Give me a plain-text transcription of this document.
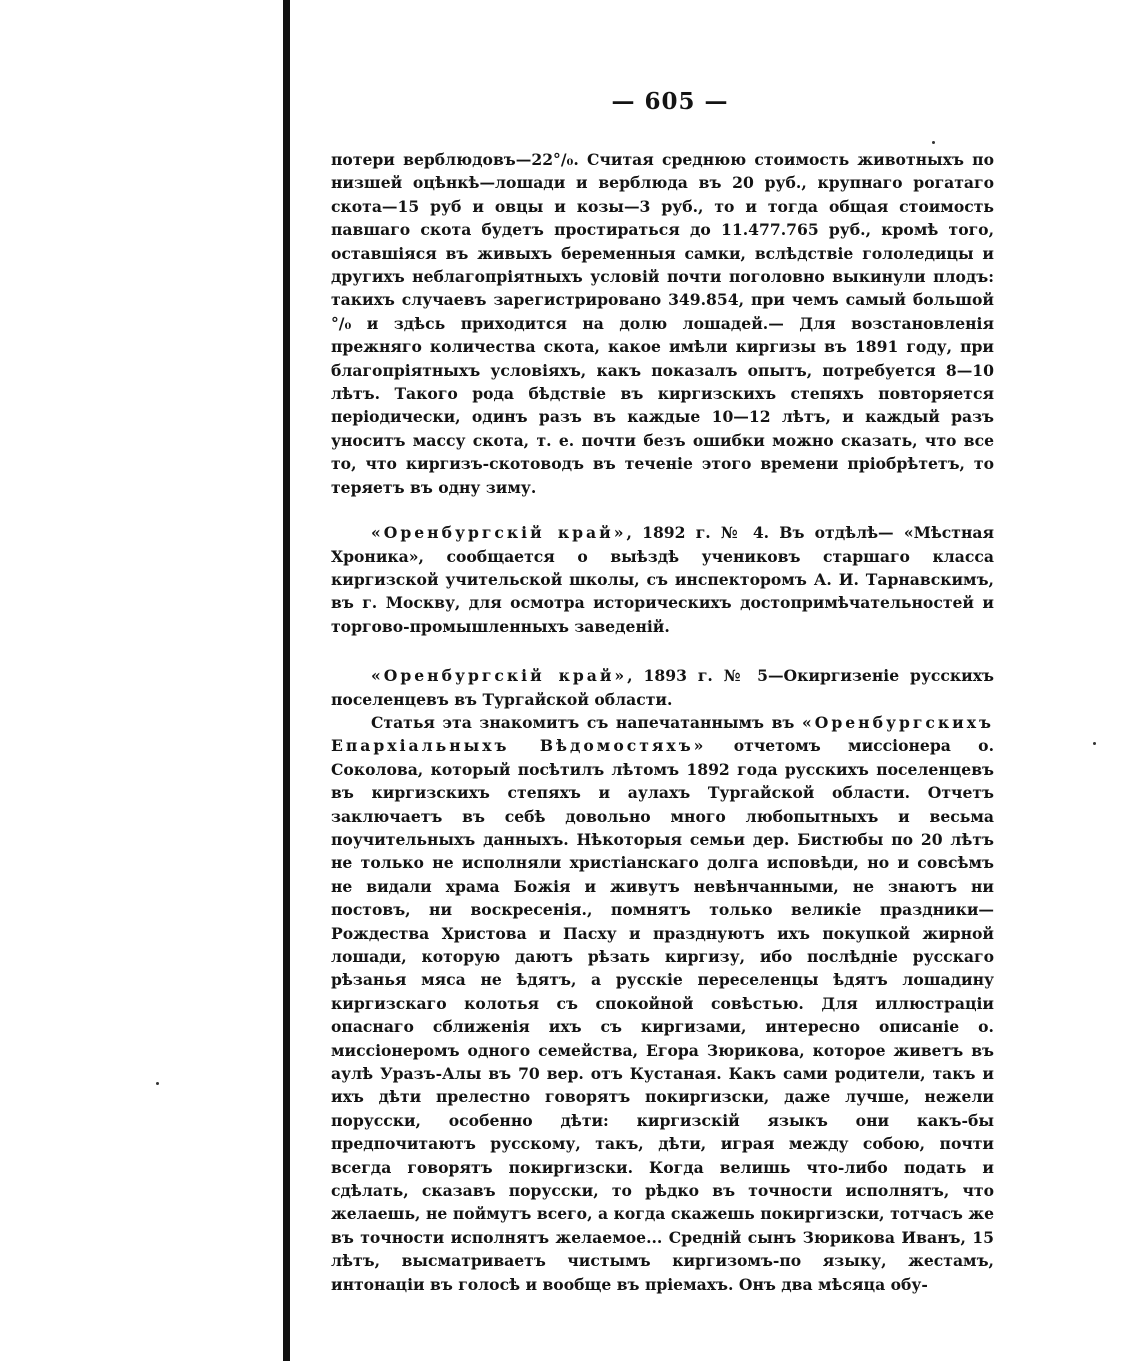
— 605 —

потери верблюдовъ—22°/₀. Считая среднюю стоимость животныхъ по низшей оцѣнкѣ—лошади и верблюда въ 20 руб., крупнаго рогатаго скота—15 руб и овцы и козы—3 руб., то и тогда общая стоимость павшаго скота будетъ простираться до 11.477.765 руб., кромѣ того, оставшіяся въ живыхъ беременныя самки, вслѣдствіе гололедицы и другихъ неблагопріятныхъ условій почти поголовно выкинули плодъ: такихъ случаевъ зарегистрировано 349.854, при чемъ самый большой °/₀ и здѣсь приходится на долю лошадей.— Для возстановленія прежняго количества скота, какое имѣли киргизы въ 1891 году, при благопріятныхъ условіяхъ, какъ показалъ опытъ, потребуется 8—10 лѣтъ. Такого рода бѣдствіе въ киргизскихъ степяхъ повторяется періодически, одинъ разъ въ каждые 10—12 лѣтъ, и каждый разъ уноситъ массу скота, т. е. почти безъ ошибки можно сказать, что все то, что киргизъ-скотоводъ въ теченіе этого времени пріобрѣтетъ, то теряетъ въ одну зиму.

«Оренбургскій край», 1892 г. № 4. Въ отдѣлѣ— «Мѣстная Хроника», сообщается о выѣздѣ учениковъ старшаго класса киргизской учительской школы, съ инспекторомъ А. И. Тарнавскимъ, въ г. Москву, для осмотра историческихъ достопримѣчательностей и торгово-промышленныхъ заведеній.

«Оренбургскій край», 1893 г. № 5—Окиргизеніе русскихъ поселенцевъ въ Тургайской области.

Статья эта знакомитъ съ напечатаннымъ въ «Оренбургскихъ Епархіальныхъ Вѣдомостяхъ» отчетомъ миссіонера о. Соколова, который посѣтилъ лѣтомъ 1892 года русскихъ поселенцевъ въ киргизскихъ степяхъ и аулахъ Тургайской области. Отчетъ заключаетъ въ себѣ довольно много любопытныхъ и весьма поучительныхъ данныхъ. Нѣкоторыя семьи дер. Бистюбы по 20 лѣтъ не только не исполняли христіанскаго долга исповѣди, но и совсѣмъ не видали храма Божія и живутъ невѣнчанными, не знаютъ ни постовъ, ни воскресенія., помнятъ только великіе праздники—Рождества Христова и Пасху и празднуютъ ихъ покупкой жирной лошади, которую даютъ рѣзать киргизу, ибо послѣдніе русскаго рѣзанья мяса не ѣдятъ, а русскіе переселенцы ѣдятъ лошадину киргизскаго колотья съ спокойной совѣстью. Для иллюстраціи опаснаго сближенія ихъ съ киргизами, интересно описаніе о. миссіонеромъ одного семейства, Егора Зюрикова, которое живетъ въ аулѣ Уразъ-Алы въ 70 вер. отъ Кустаная. Какъ сами родители, такъ и ихъ дѣти прелестно говорятъ покиргизски, даже лучше, нежели порусски, особенно дѣти: киргизскій языкъ они какъ-бы предпочитаютъ русскому, такъ, дѣти, играя между собою, почти всегда говорятъ покиргизски. Когда велишь что-либо подать и сдѣлать, сказавъ порусски, то рѣдко въ точности исполнятъ, что желаешь, не поймутъ всего, а когда скажешь покиргизски, тотчасъ же въ точности исполнятъ желаемое... Средній сынъ Зюрикова Иванъ, 15 лѣтъ, высматриваетъ чистымъ киргизомъ-по языку, жестамъ, интонаціи въ голосѣ и вообще въ пріемахъ. Онъ два мѣсяца обу-
